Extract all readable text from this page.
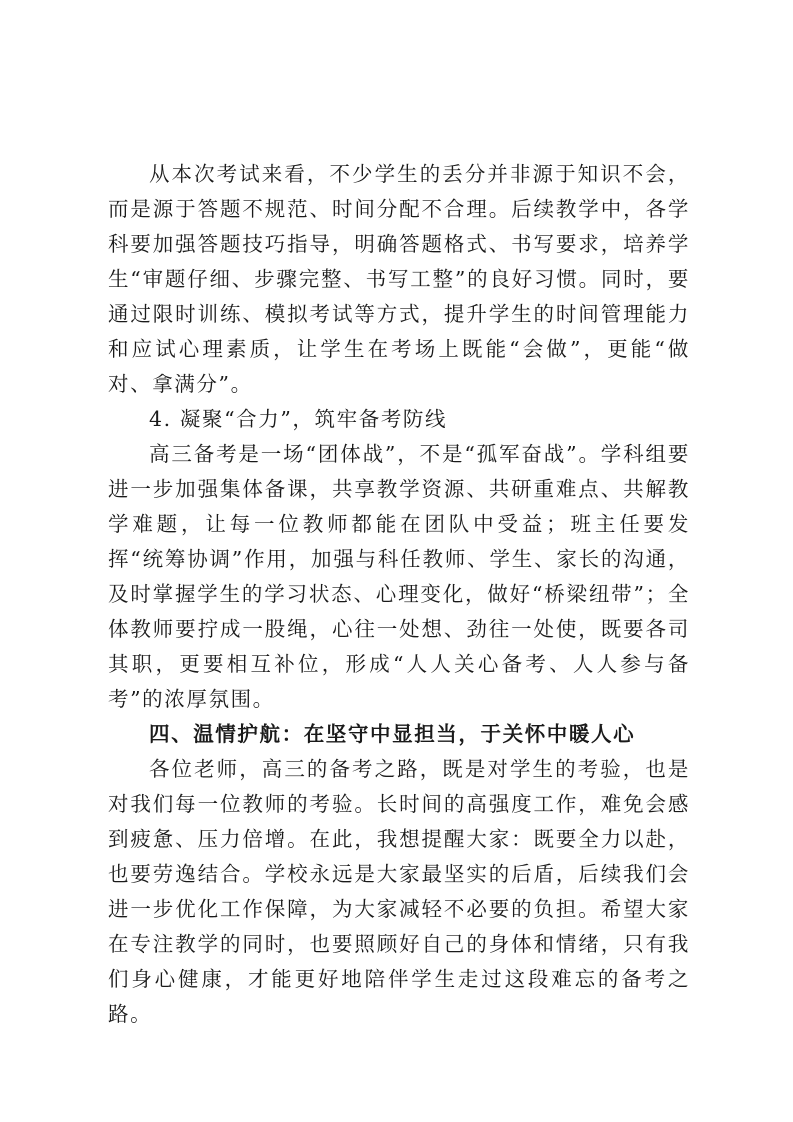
从本次考试来看，不少学生的丢分并非源于知识不会，而是源于答题不规范、时间分配不合理。后续教学中，各学科要加强答题技巧指导，明确答题格式、书写要求，培养学生“审题仔细、步骤完整、书写工整”的良好习惯。同时，要通过限时训练、模拟考试等方式，提升学生的时间管理能力和应试心理素质，让学生在考场上既能“会做”，更能“做对、拿满分”。

4. 凝聚“合力”，筑牢备考防线

高三备考是一场“团体战”，不是“孤军奋战”。学科组要进一步加强集体备课，共享教学资源、共研重难点、共解教学难题，让每一位教师都能在团队中受益；班主任要发挥“统筹协调”作用，加强与科任教师、学生、家长的沟通，及时掌握学生的学习状态、心理变化，做好“桥梁纽带”；全体教师要拧成一股绳，心往一处想、劲往一处使，既要各司其职，更要相互补位，形成“人人关心备考、人人参与备考”的浓厚氛围。

四、温情护航：在坚守中显担当，于关怀中暖人心

各位老师，高三的备考之路，既是对学生的考验，也是对我们每一位教师的考验。长时间的高强度工作，难免会感到疲惫、压力倍增。在此，我想提醒大家：既要全力以赴，也要劳逸结合。学校永远是大家最坚实的后盾，后续我们会进一步优化工作保障，为大家减轻不必要的负担。希望大家在专注教学的同时，也要照顾好自己的身体和情绪，只有我们身心健康，才能更好地陪伴学生走过这段难忘的备考之路。
